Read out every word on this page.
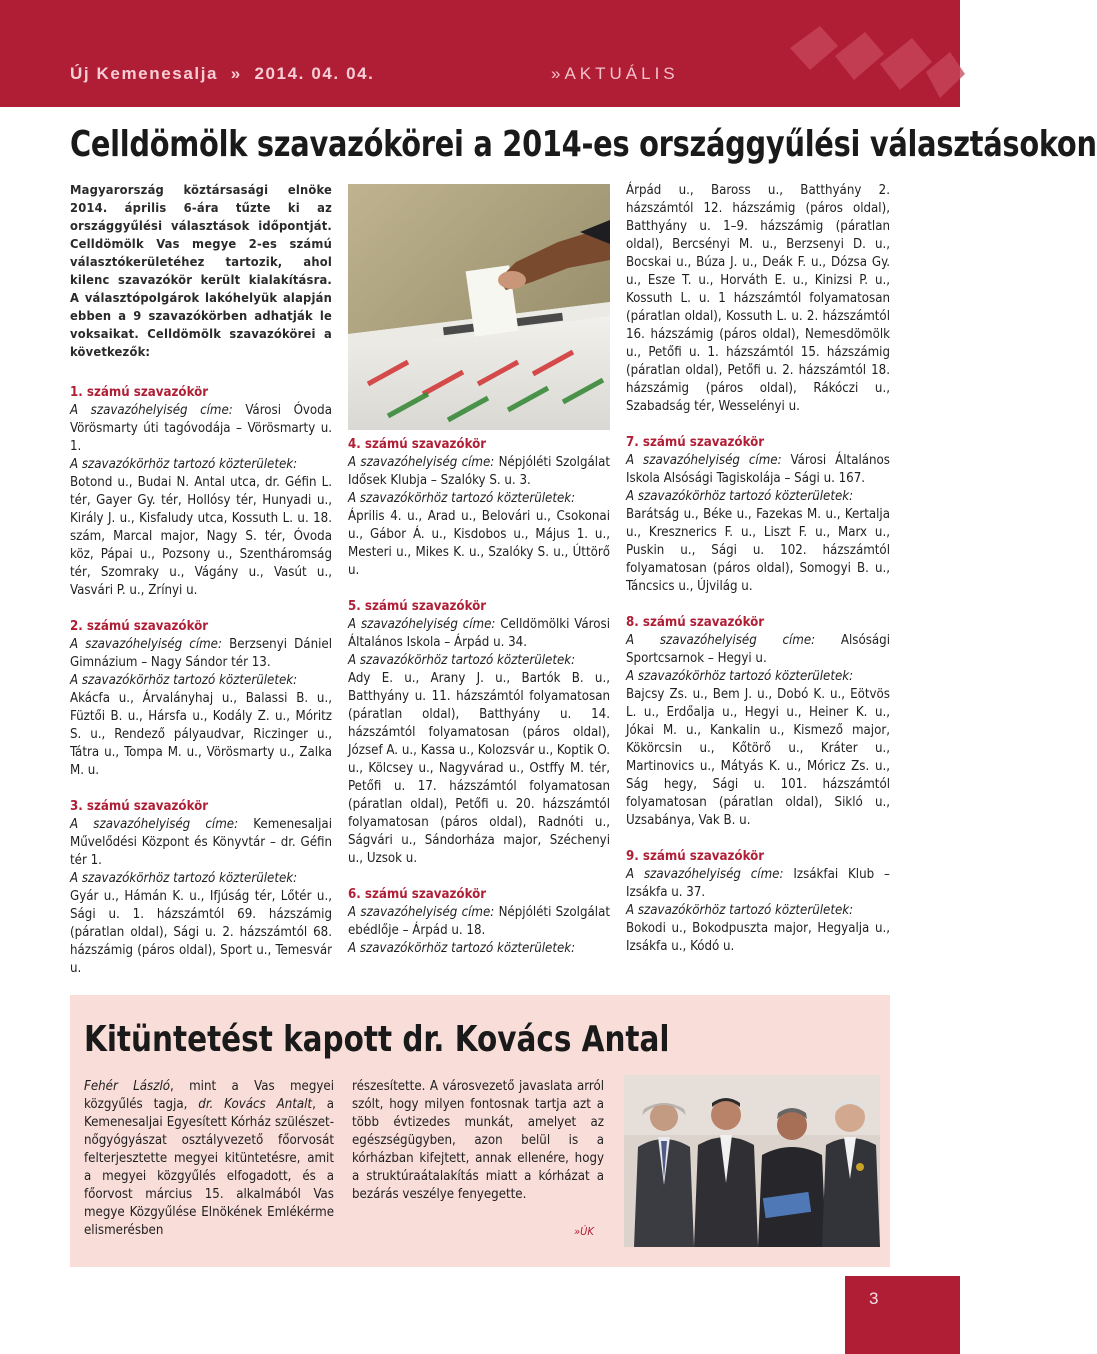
Új Kemenesalja » 2014. 04. 04.	»AKTUÁLIS
Celldömölk szavazókörei a 2014-es országgyűlési választásokon
Magyarország köztársasági elnöke 2014. április 6-ára tűzte ki az országgyűlési választások időpontját. Celldömölk Vas megye 2-es számú választókerületéhez tartozik, ahol kilenc szavazókör került kialakításra. A választópolgárok lakóhelyük alapján ebben a 9 szavazókörben adhatják le voksaikat. Celldömölk szavazókörei a következők:
1. számú szavazókör
A szavazóhelyiség címe: Városi Óvoda Vörösmarty úti tagóvodája – Vörösmarty u. 1.
A szavazókörhöz tartozó közterületek:
Botond u., Budai N. Antal utca, dr. Géfin L. tér, Gayer Gy. tér, Hollósy tér, Hunyadi u., Király J. u., Kisfaludy utca, Kossuth L. u. 18. szám, Marcal major, Nagy S. tér, Óvoda köz, Pápai u., Pozsony u., Szentháromság tér, Szomraky u., Vágány u., Vasút u., Vasvári P. u., Zrínyi u.
2. számú szavazókör
A szavazóhelyiség címe: Berzsenyi Dániel Gimnázium – Nagy Sándor tér 13.
A szavazókörhöz tartozó közterületek:
Akácfa u., Árvalányhaj u., Balassi B. u., Füztői B. u., Hársfa u., Kodály Z. u., Móritz S. u., Rendező pályaudvar, Riczinger u., Tátra u., Tompa M. u., Vörösmarty u., Zalka M. u.
3. számú szavazókör
A szavazóhelyiség címe: Kemenesaljai Művelődési Központ és Könyvtár – dr. Géfin tér 1.
A szavazókörhöz tartozó közterületek:
Gyár u., Hámán K. u., Ifjúság tér, Lőtér u., Sági u. 1. házszámtól 69. házszámig (páratlan oldal), Sági u. 2. házszámtól 68. házszámig (páros oldal), Sport u., Temesvár u.
4. számú szavazókör
A szavazóhelyiség címe: Népjóléti Szolgálat Idősek Klubja – Szalóky S. u. 3.
A szavazókörhöz tartozó közterületek:
Április 4. u., Arad u., Belovári u., Csokonai u., Gábor Á. u., Kisdobos u., Május 1. u., Mesteri u., Mikes K. u., Szalóky S. u., Úttörő u.
5. számú szavazókör
A szavazóhelyiség címe: Celldömölki Városi Általános Iskola – Árpád u. 34.
A szavazókörhöz tartozó közterületek:
Ady E. u., Arany J. u., Bartók B. u., Batthyány u. 11. házszámtól folyamatosan (páratlan oldal), Batthyány u. 14. házszámtól folyamatosan (páros oldal), József A. u., Kassa u., Kolozsvár u., Koptik O. u., Kölcsey u., Nagyvárad u., Ostffy M. tér, Petőfi u. 17. házszámtól folyamatosan (páratlan oldal), Petőfi u. 20. házszámtól folyamatosan (páros oldal), Radnóti u., Ságvári u., Sándorháza major, Széchenyi u., Uzsok u.
6. számú szavazókör
A szavazóhelyiség címe: Népjóléti Szolgálat ebédlője – Árpád u. 18.
A szavazókörhöz tartozó közterületek:
Árpád u., Baross u., Batthyány 2. házszámtól 12. házszámig (páros oldal), Batthyány u. 1–9. házszámig (páratlan oldal), Bercsényi M. u., Berzsenyi D. u., Bocskai u., Búza J. u., Deák F. u., Dózsa Gy. u., Esze T. u., Horváth E. u., Kinizsi P. u., Kossuth L. u. 1 házszámtól folyamatosan (páratlan oldal), Kossuth L. u. 2. házszámtól 16. házszámig (páros oldal), Nemesdömölk u., Petőfi u. 1. házszámtól 15. házszámig (páratlan oldal), Petőfi u. 2. házszámtól 18. házszámig (páros oldal), Rákóczi u., Szabadság tér, Wesselényi u.
7. számú szavazókör
A szavazóhelyiség címe: Városi Általános Iskola Alsósági Tagiskolája – Sági u. 167.
A szavazókörhöz tartozó közterületek:
Barátság u., Béke u., Fazekas M. u., Kertalja u., Kresznerics F. u., Liszt F. u., Marx u., Puskin u., Sági u. 102. házszámtól folyamatosan (páros oldal), Somogyi B. u., Táncsics u., Újvilág u.
8. számú szavazókör
A szavazóhelyiség címe: Alsósági Sportcsarnok – Hegyi u.
A szavazókörhöz tartozó közterületek:
Bajcsy Zs. u., Bem J. u., Dobó K. u., Eötvös L. u., Erdőalja u., Hegyi u., Heiner K. u., Jókai M. u., Kankalin u., Kismező major, Kökörcsin u., Kőtörő u., Kráter u., Martinovics u., Mátyás K. u., Móricz Zs. u., Ság hegy, Sági u. 101. házszámtól folyamatosan (páratlan oldal), Sikló u., Uzsabánya, Vak B. u.
9. számú szavazókör
A szavazóhelyiség címe: Izsákfai Klub – Izsákfa u. 37.
A szavazókörhöz tartozó közterületek:
Bokodi u., Bokodpuszta major, Hegyalja u., Izsákfa u., Kódó u.
Kitüntetést kapott dr. Kovács Antal
Fehér László, mint a Vas megyei közgyűlés tagja, dr. Kovács Antalt, a Kemenesaljai Egyesített Kórház szülészet-nőgyógyászat osztályvezető főorvosát felterjesztette megyei kitüntetésre, amit a megyei közgyűlés elfogadott, és a főorvost március 15. alkalmából Vas megye Közgyűlése Elnökének Emlékérme elismerésben
részesítette. A városvezető javaslata arról szólt, hogy milyen fontosnak tartja azt a több évtizedes munkát, amelyet az egészségügyben, azon belül is a kórházban kifejtett, annak ellenére, hogy a struktúraátalakítás miatt a kórházat a bezárás veszélye fenyegette.
»ÚK
3
